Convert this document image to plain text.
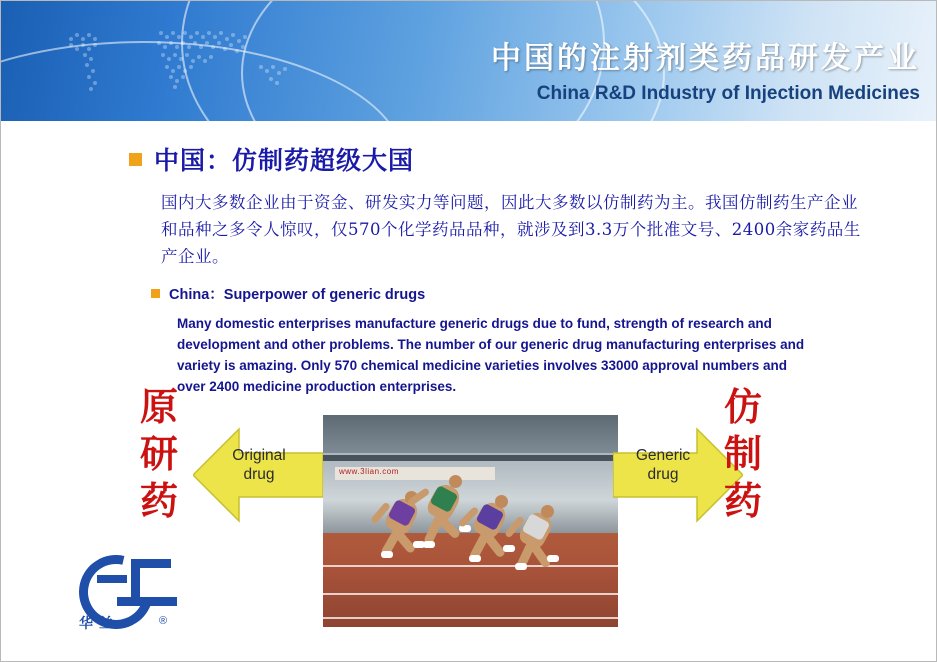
中国的注射剂类药品研发产业
China R&D Industry of Injection Medicines
中国：仿制药超级大国
国内大多数企业由于资金、研发实力等问题，因此大多数以仿制药为主。我国仿制药生产企业和品种之多令人惊叹，仅570个化学药品品种，就涉及到3.3万个批准文号、2400余家药品生产企业。
China：Superpower of generic drugs
Many domestic enterprises manufacture generic drugs due to fund, strength of research and development and other problems. The number of our generic drug manufacturing enterprises and variety is amazing. Only 570 chemical medicine varieties involves 33000 approval numbers and over 2400 medicine production enterprises.
www.3lian.com
Original drug
Generic drug
原研药
仿制药
华兰	®
